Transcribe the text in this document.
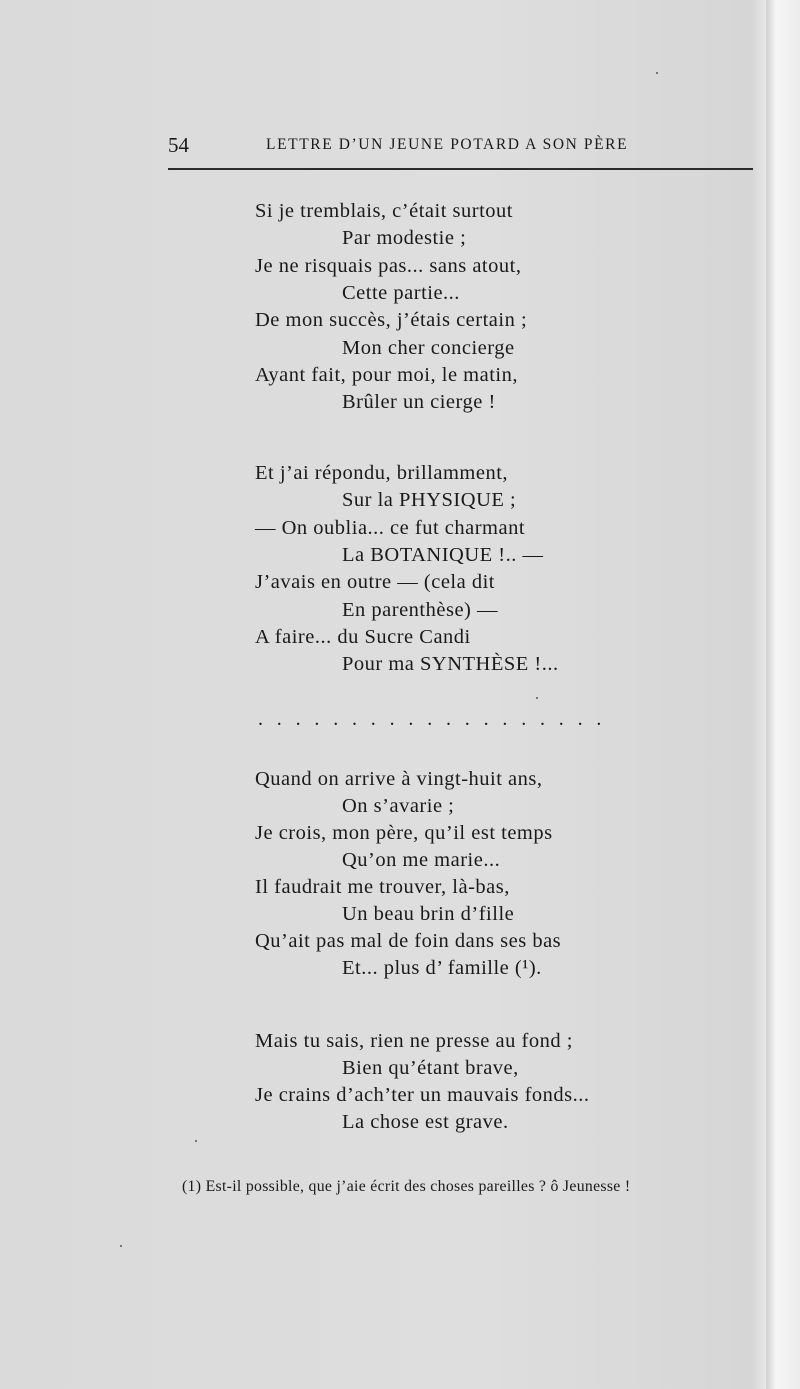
54	LETTRE D’UN JEUNE POTARD A SON PÈRE
Si je tremblais, c’était surtout
Par modestie ;
Je ne risquais pas... sans atout,
Cette partie...
De mon succès, j’étais certain ;
Mon cher concierge
Ayant fait, pour moi, le matin,
Brûler un cierge !
Et j’ai répondu, brillamment,
Sur la PHYSIQUE ;
— On oublia... ce fut charmant
La BOTANIQUE !.. —
J’avais en outre — (cela dit
En parenthèse) —
A faire... du Sucre Candi
Pour ma SYNTHÈSE !...
...................
Quand on arrive à vingt-huit ans,
On s’avarie ;
Je crois, mon père, qu’il est temps
Qu’on me marie...
Il faudrait me trouver, là-bas,
Un beau brin d’fille
Qu’ait pas mal de foin dans ses bas
Et... plus d’ famille (¹).
Mais tu sais, rien ne presse au fond ;
Bien qu’étant brave,
Je crains d’ach’ter un mauvais fonds...
La chose est grave.
(1) Est-il possible, que j’aie écrit des choses pareilles ? ô Jeunesse !
